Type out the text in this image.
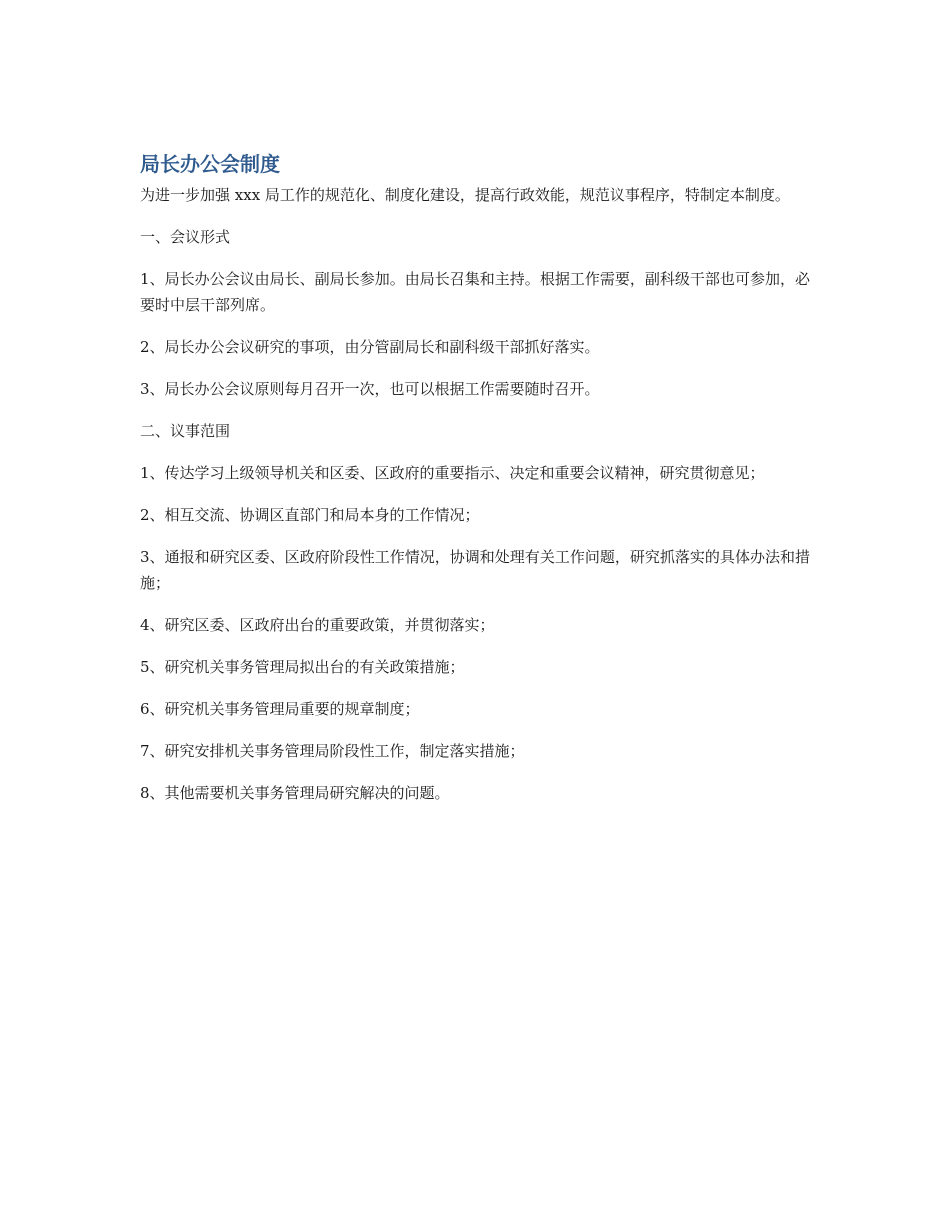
局长办公会制度

为进一步加强 xxx 局工作的规范化、制度化建设，提高行政效能，规范议事程序，特制定本制度。

一、会议形式

1、局长办公会议由局长、副局长参加。由局长召集和主持。根据工作需要，副科级干部也可参加，必要时中层干部列席。

2、局长办公会议研究的事项，由分管副局长和副科级干部抓好落实。

3、局长办公会议原则每月召开一次，也可以根据工作需要随时召开。

二、议事范围

1、传达学习上级领导机关和区委、区政府的重要指示、决定和重要会议精神，研究贯彻意见；

2、相互交流、协调区直部门和局本身的工作情况；

3、通报和研究区委、区政府阶段性工作情况，协调和处理有关工作问题，研究抓落实的具体办法和措施；

4、研究区委、区政府出台的重要政策，并贯彻落实；

5、研究机关事务管理局拟出台的有关政策措施；

6、研究机关事务管理局重要的规章制度；

7、研究安排机关事务管理局阶段性工作，制定落实措施；

8、其他需要机关事务管理局研究解决的问题。
